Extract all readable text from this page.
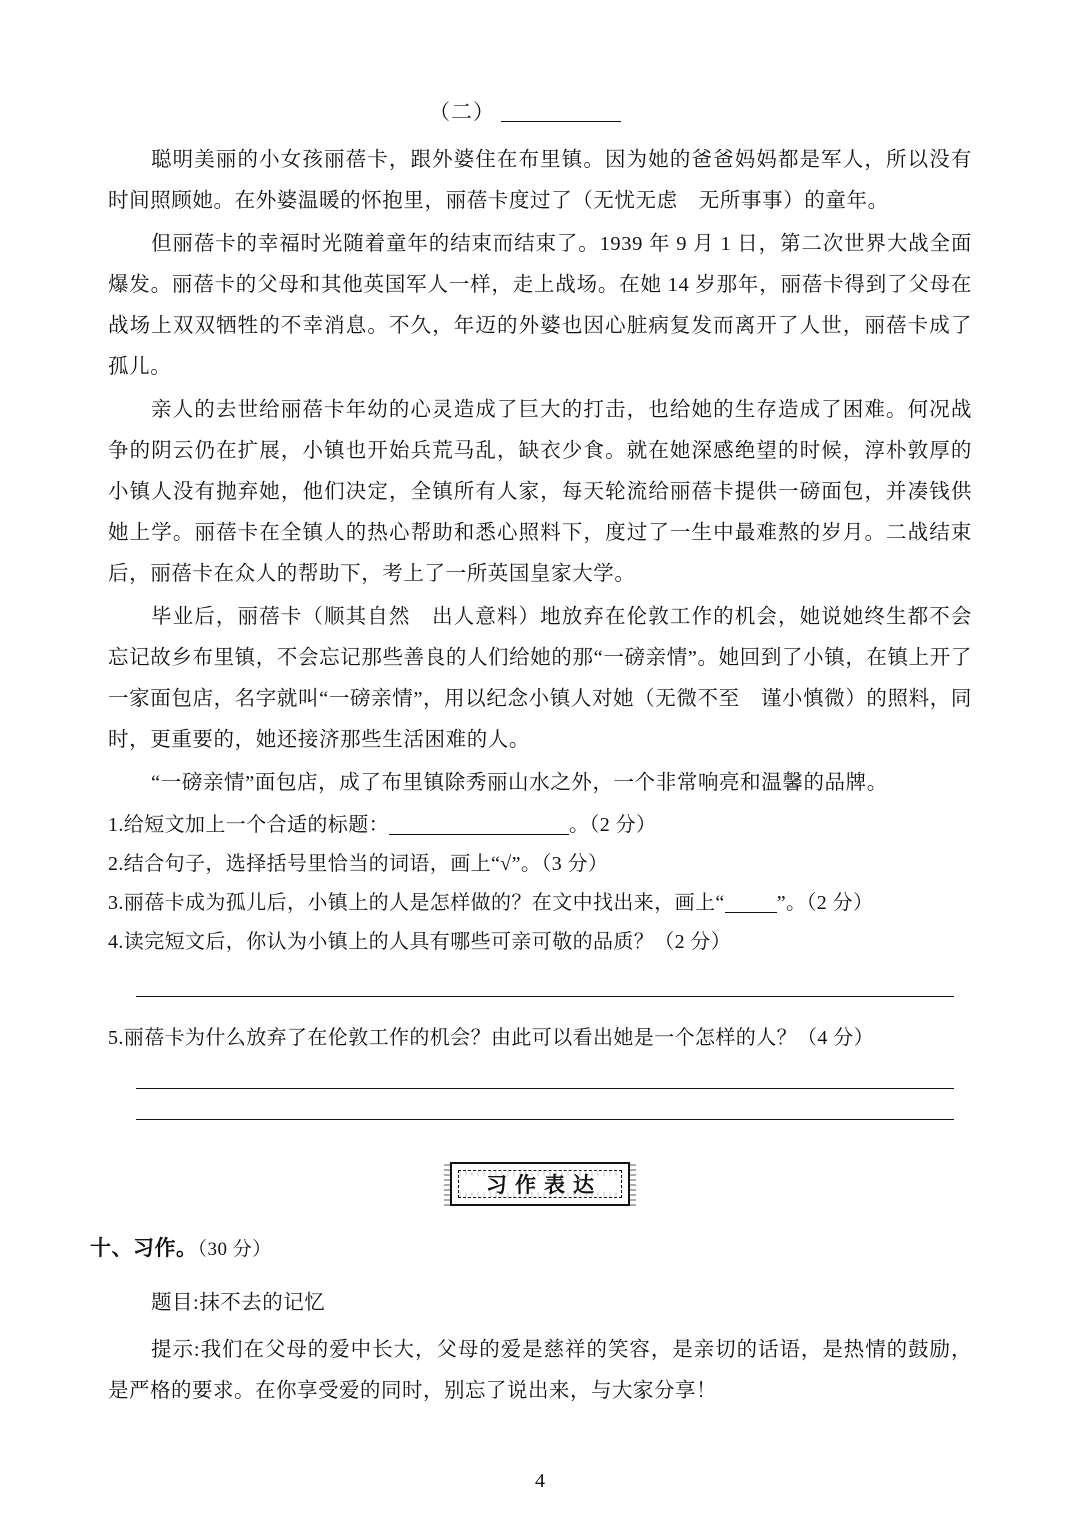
（二）

聪明美丽的小女孩丽蓓卡，跟外婆住在布里镇。因为她的爸爸妈妈都是军人，所以没有时间照顾她。在外婆温暖的怀抱里，丽蓓卡度过了（无忧无虑　无所事事）的童年。

但丽蓓卡的幸福时光随着童年的结束而结束了。1939 年 9 月 1 日，第二次世界大战全面爆发。丽蓓卡的父母和其他英国军人一样，走上战场。在她 14 岁那年，丽蓓卡得到了父母在战场上双双牺牲的不幸消息。不久，年迈的外婆也因心脏病复发而离开了人世，丽蓓卡成了孤儿。

亲人的去世给丽蓓卡年幼的心灵造成了巨大的打击，也给她的生存造成了困难。何况战争的阴云仍在扩展，小镇也开始兵荒马乱，缺衣少食。就在她深感绝望的时候，淳朴敦厚的小镇人没有抛弃她，他们决定，全镇所有人家，每天轮流给丽蓓卡提供一磅面包，并凑钱供她上学。丽蓓卡在全镇人的热心帮助和悉心照料下，度过了一生中最难熬的岁月。二战结束后，丽蓓卡在众人的帮助下，考上了一所英国皇家大学。

毕业后，丽蓓卡（顺其自然　出人意料）地放弃在伦敦工作的机会，她说她终生都不会忘记故乡布里镇，不会忘记那些善良的人们给她的那“一磅亲情”。她回到了小镇，在镇上开了一家面包店，名字就叫“一磅亲情”，用以纪念小镇人对她（无微不至　谨小慎微）的照料，同时，更重要的，她还接济那些生活困难的人。

“一磅亲情”面包店，成了布里镇除秀丽山水之外，一个非常响亮和温馨的品牌。

1.给短文加上一个合适的标题：	。（2 分）

2.结合句子，选择括号里恰当的词语，画上“√”。（3 分）

3.丽蓓卡成为孤儿后，小镇上的人是怎样做的？在文中找出来，画上“	”。（2 分）

4.读完短文后，你认为小镇上的人具有哪些可亲可敬的品质？（2 分）

5.丽蓓卡为什么放弃了在伦敦工作的机会？由此可以看出她是一个怎样的人？（4 分）

习作表达

十、习作。（30 分）

题目:抹不去的记忆

提示:我们在父母的爱中长大，父母的爱是慈祥的笑容，是亲切的话语，是热情的鼓励，是严格的要求。在你享受爱的同时，别忘了说出来，与大家分享！

4
